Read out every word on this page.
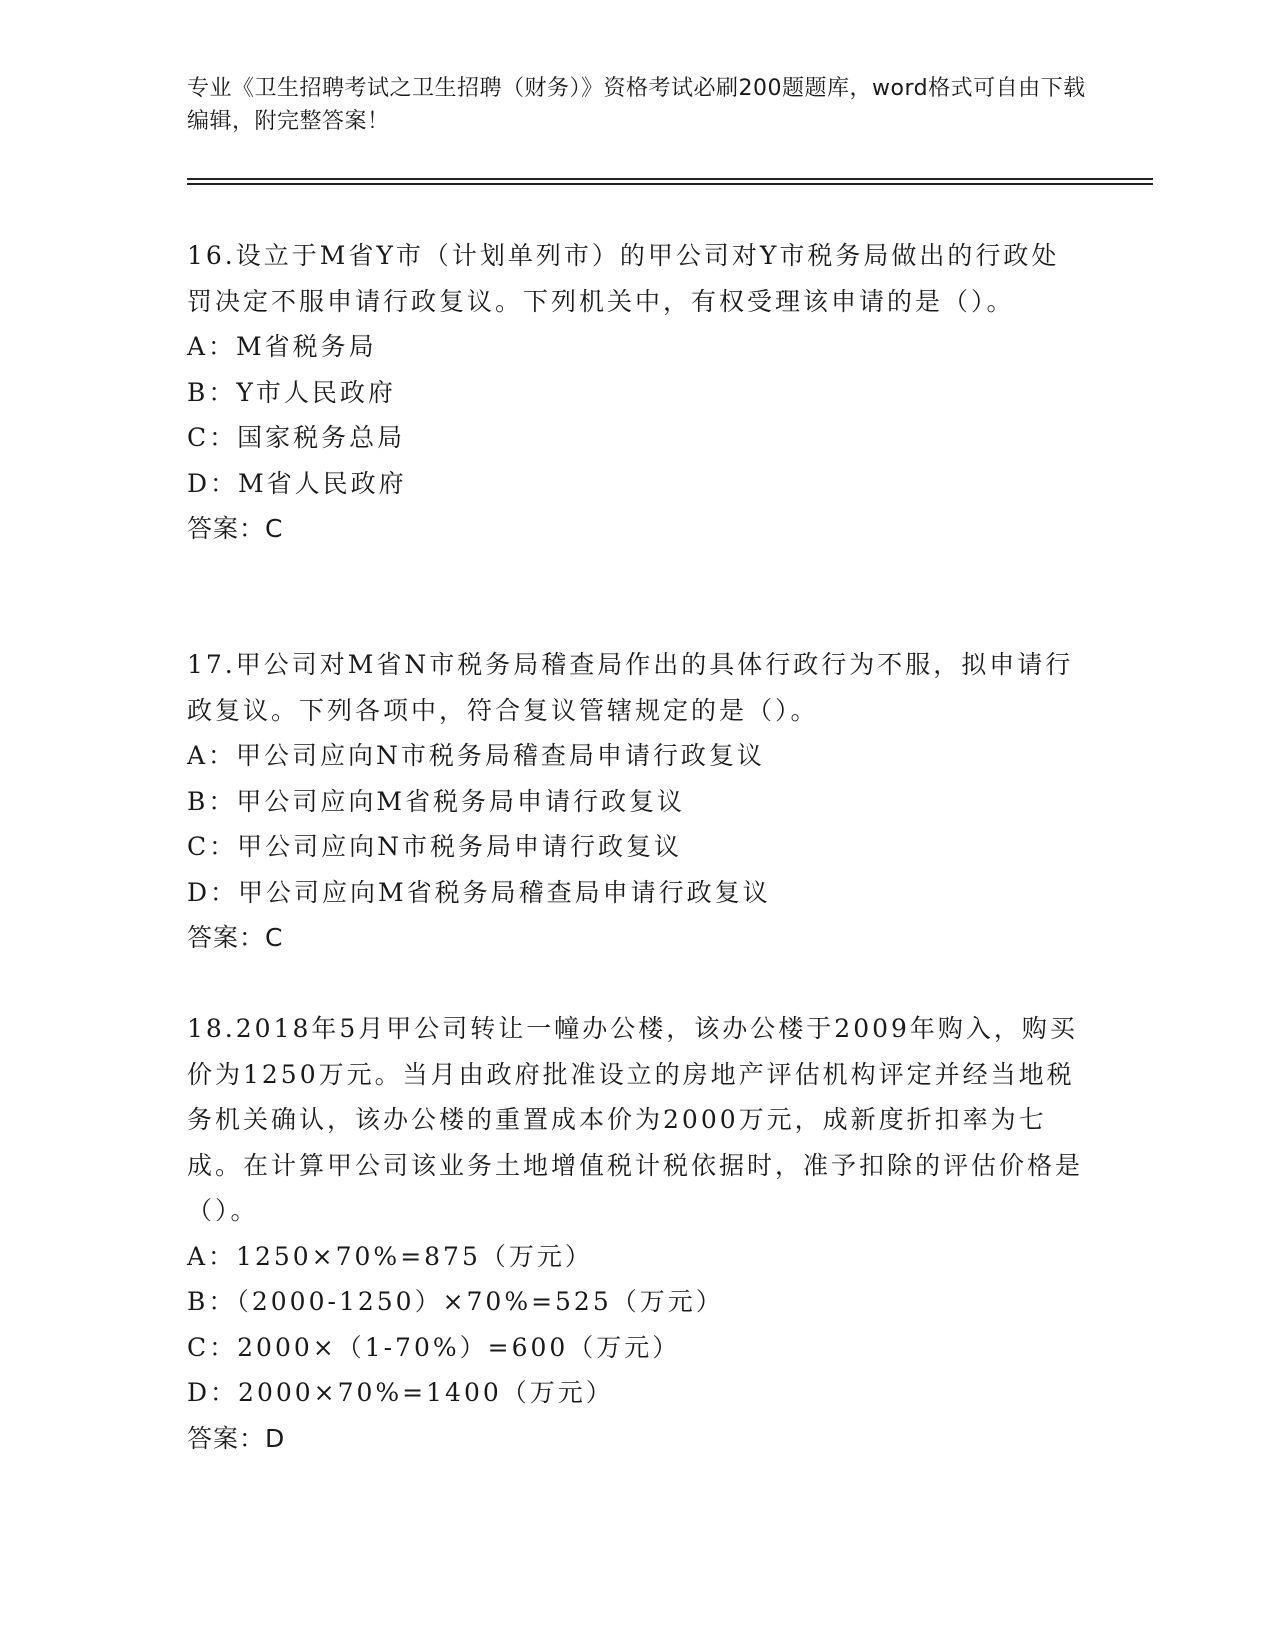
专业《卫生招聘考试之卫生招聘（财务）》资格考试必刷200题题库，word格式可自由下载编辑，附完整答案！
16.设立于M省Y市（计划单列市）的甲公司对Y市税务局做出的行政处罚决定不服申请行政复议。下列机关中，有权受理该申请的是（）。
A：M省税务局
B：Y市人民政府
C：国家税务总局
D：M省人民政府
答案：C
17.甲公司对M省N市税务局稽查局作出的具体行政行为不服，拟申请行政复议。下列各项中，符合复议管辖规定的是（）。
A：甲公司应向N市税务局稽查局申请行政复议
B：甲公司应向M省税务局申请行政复议
C：甲公司应向N市税务局申请行政复议
D：甲公司应向M省税务局稽查局申请行政复议
答案：C
18.2018年5月甲公司转让一幢办公楼，该办公楼于2009年购入，购买价为1250万元。当月由政府批准设立的房地产评估机构评定并经当地税务机关确认，该办公楼的重置成本价为2000万元，成新度折扣率为七成。在计算甲公司该业务土地增值税计税依据时，准予扣除的评估价格是（）。
A：1250×70%=875（万元）
B：（2000-1250）×70%=525（万元）
C：2000×（1-70%）=600（万元）
D：2000×70%=1400（万元）
答案：D
